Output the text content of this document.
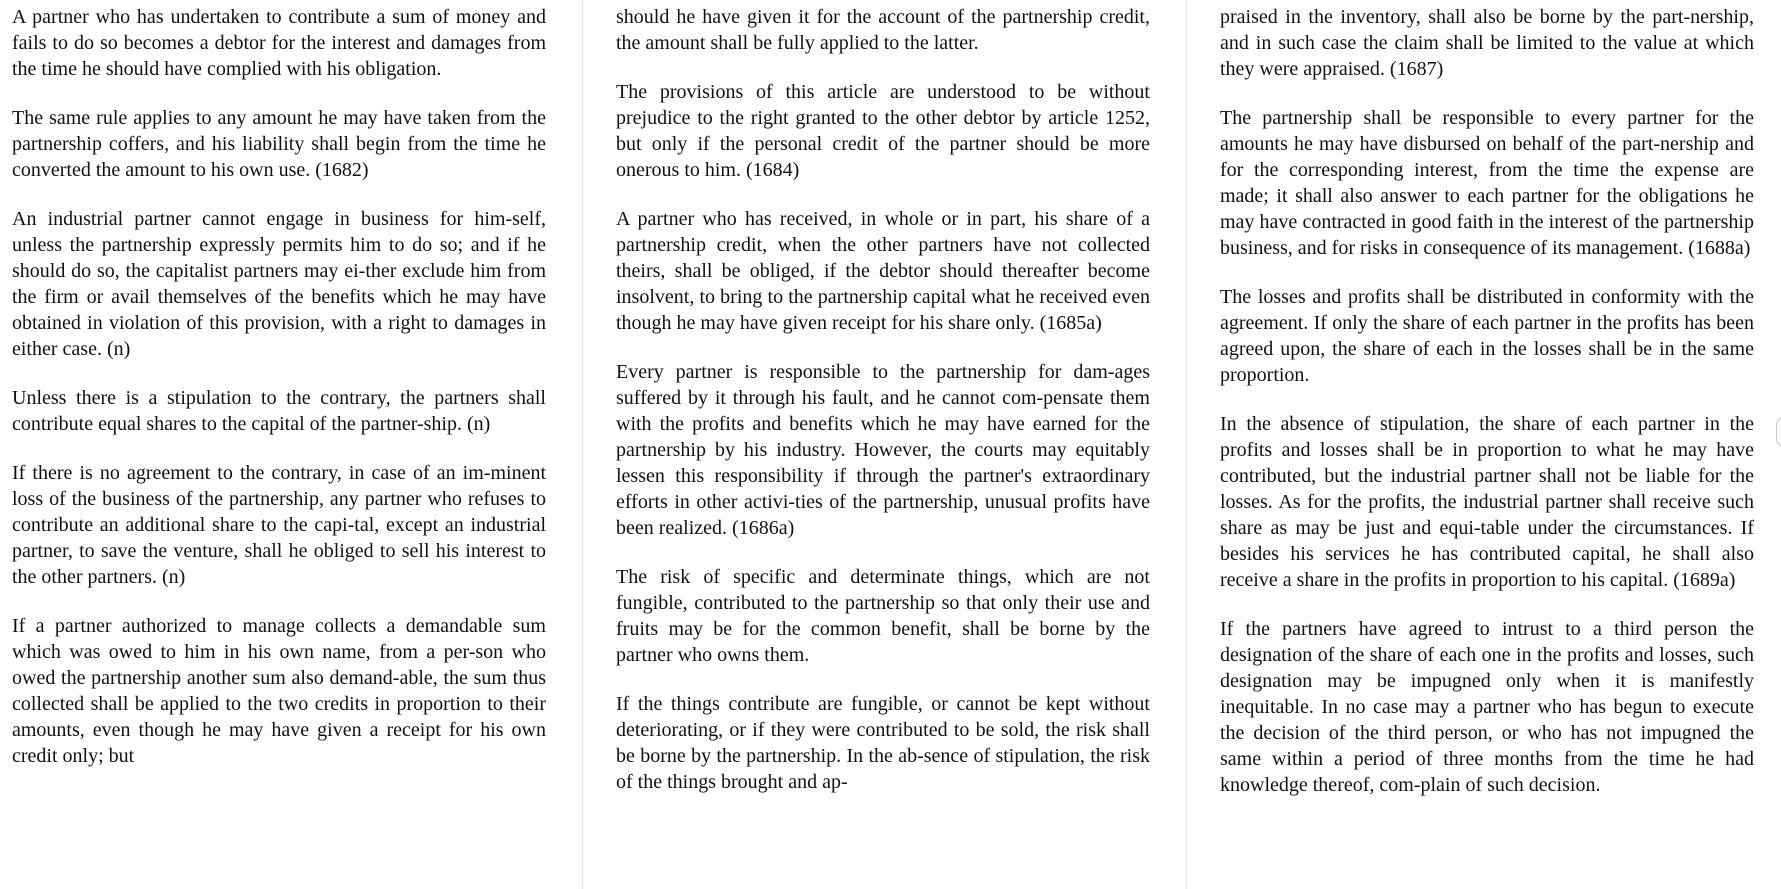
A partner who has undertaken to contribute a sum of money and fails to do so becomes a debtor for the interest and damages from the time he should have complied with his obligation.

The same rule applies to any amount he may have taken from the partnership coffers, and his liability shall begin from the time he converted the amount to his own use. (1682)

An industrial partner cannot engage in business for him-self, unless the partnership expressly permits him to do so; and if he should do so, the capitalist partners may ei-ther exclude him from the firm or avail themselves of the benefits which he may have obtained in violation of this provision, with a right to damages in either case. (n)

Unless there is a stipulation to the contrary, the partners shall contribute equal shares to the capital of the partner-ship. (n)

If there is no agreement to the contrary, in case of an im-minent loss of the business of the partnership, any partner who refuses to contribute an additional share to the capi-tal, except an industrial partner, to save the venture, shall he obliged to sell his interest to the other partners. (n)

If a partner authorized to manage collects a demandable sum which was owed to him in his own name, from a per-son who owed the partnership another sum also demand-able, the sum thus collected shall be applied to the two credits in proportion to their amounts, even though he may have given a receipt for his own credit only; but

should he have given it for the account of the partnership credit, the amount shall be fully applied to the latter.

The provisions of this article are understood to be without prejudice to the right granted to the other debtor by article 1252, but only if the personal credit of the partner should be more onerous to him. (1684)

A partner who has received, in whole or in part, his share of a partnership credit, when the other partners have not collected theirs, shall be obliged, if the debtor should thereafter become insolvent, to bring to the partnership capital what he received even though he may have given receipt for his share only. (1685a)

Every partner is responsible to the partnership for dam-ages suffered by it through his fault, and he cannot com-pensate them with the profits and benefits which he may have earned for the partnership by his industry. However, the courts may equitably lessen this responsibility if through the partner's extraordinary efforts in other activi-ties of the partnership, unusual profits have been realized. (1686a)

The risk of specific and determinate things, which are not fungible, contributed to the partnership so that only their use and fruits may be for the common benefit, shall be borne by the partner who owns them.

If the things contribute are fungible, or cannot be kept without deteriorating, or if they were contributed to be sold, the risk shall be borne by the partnership. In the ab-sence of stipulation, the risk of the things brought and ap-

praised in the inventory, shall also be borne by the part-nership, and in such case the claim shall be limited to the value at which they were appraised. (1687)

The partnership shall be responsible to every partner for the amounts he may have disbursed on behalf of the part-nership and for the corresponding interest, from the time the expense are made; it shall also answer to each partner for the obligations he may have contracted in good faith in the interest of the partnership business, and for risks in consequence of its management. (1688a)

The losses and profits shall be distributed in conformity with the agreement. If only the share of each partner in the profits has been agreed upon, the share of each in the losses shall be in the same proportion.

In the absence of stipulation, the share of each partner in the profits and losses shall be in proportion to what he may have contributed, but the industrial partner shall not be liable for the losses. As for the profits, the industrial partner shall receive such share as may be just and equi-table under the circumstances. If besides his services he has contributed capital, he shall also receive a share in the profits in proportion to his capital. (1689a)

If the partners have agreed to intrust to a third person the designation of the share of each one in the profits and losses, such designation may be impugned only when it is manifestly inequitable. In no case may a partner who has begun to execute the decision of the third person, or who has not impugned the same within a period of three months from the time he had knowledge thereof, com-plain of such decision.
